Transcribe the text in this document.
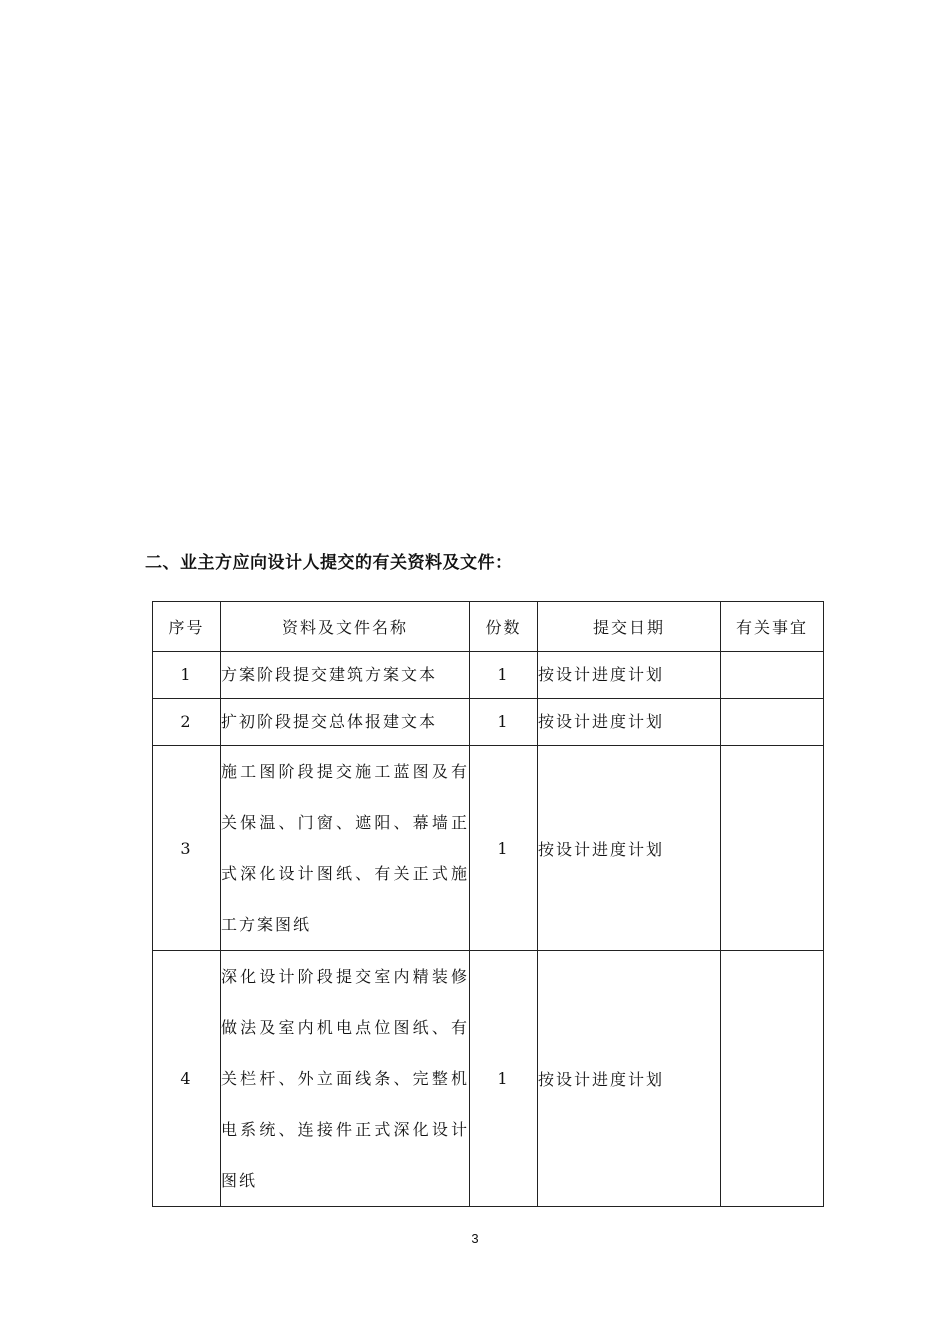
二、业主方应向设计人提交的有关资料及文件：
序号	资料及文件名称	份数	提交日期	有关事宜
1	方案阶段提交建筑方案文本	1	按设计进度计划	
2	扩初阶段提交总体报建文本	1	按设计进度计划	
3	施工图阶段提交施工蓝图及有关保温、门窗、遮阳、幕墙正式深化设计图纸、有关正式施工方案图纸	1	按设计进度计划	
4	深化设计阶段提交室内精装修做法及室内机电点位图纸、有关栏杆、外立面线条、完整机电系统、连接件正式深化设计图纸	1	按设计进度计划	
3
